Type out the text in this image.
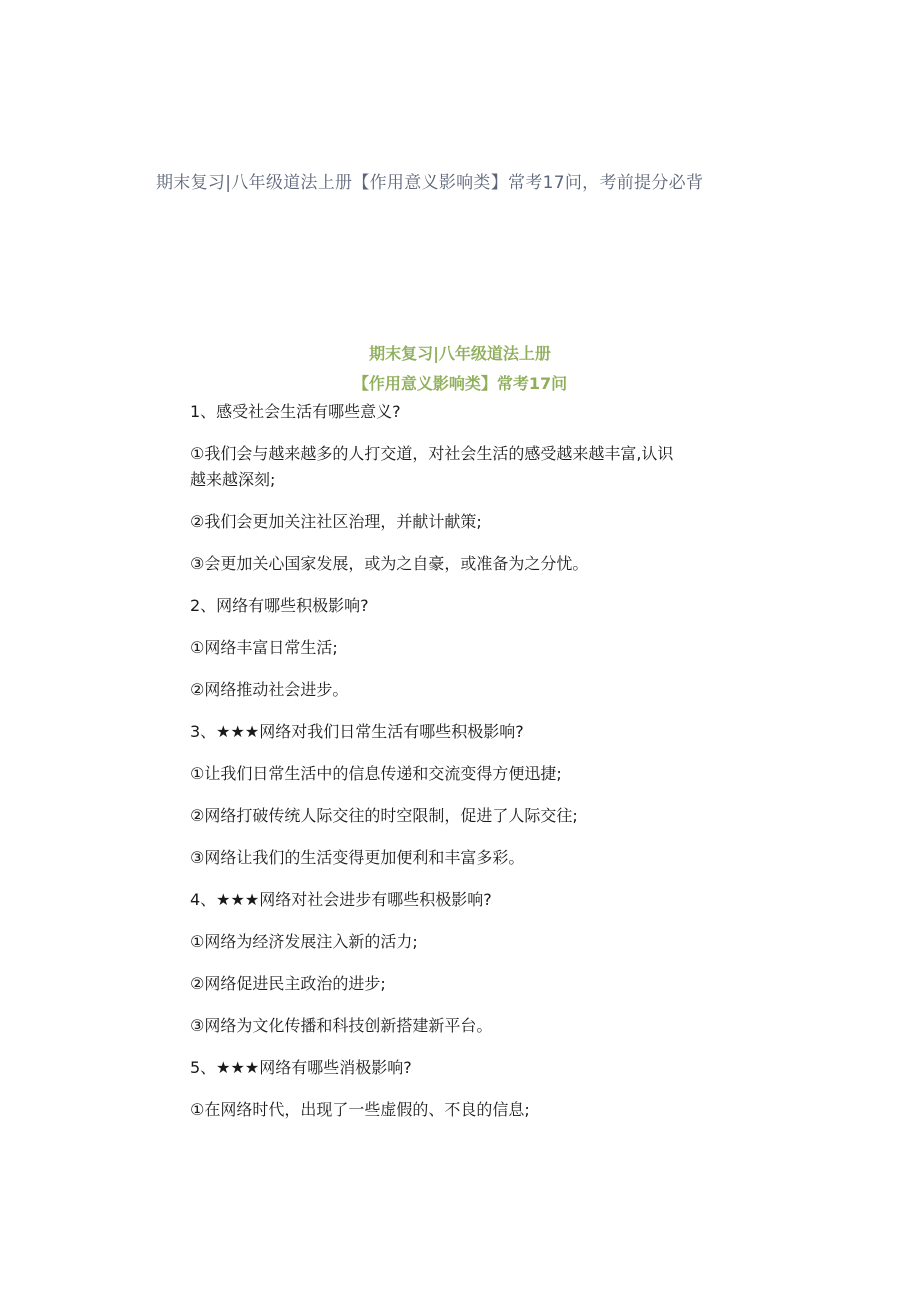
期末复习|八年级道法上册【作用意义影响类】常考17问，考前提分必背
期末复习|八年级道法上册
【作用意义影响类】常考17问
1、感受社会生活有哪些意义?
①我们会与越来越多的人打交道，对社会生活的感受越来越丰富,认识
越来越深刻;
②我们会更加关注社区治理，并献计献策;
③会更加关心国家发展，或为之自豪，或准备为之分忧。
2、网络有哪些积极影响?
①网络丰富日常生活;
②网络推动社会进步。
3、★★★网络对我们日常生活有哪些积极影响?
①让我们日常生活中的信息传递和交流变得方便迅捷;
②网络打破传统人际交往的时空限制，促进了人际交往;
③网络让我们的生活变得更加便利和丰富多彩。
4、★★★网络对社会进步有哪些积极影响?
①网络为经济发展注入新的活力;
②网络促进民主政治的进步;
③网络为文化传播和科技创新搭建新平台。
5、★★★网络有哪些消极影响?
①在网络时代，出现了一些虚假的、不良的信息;
